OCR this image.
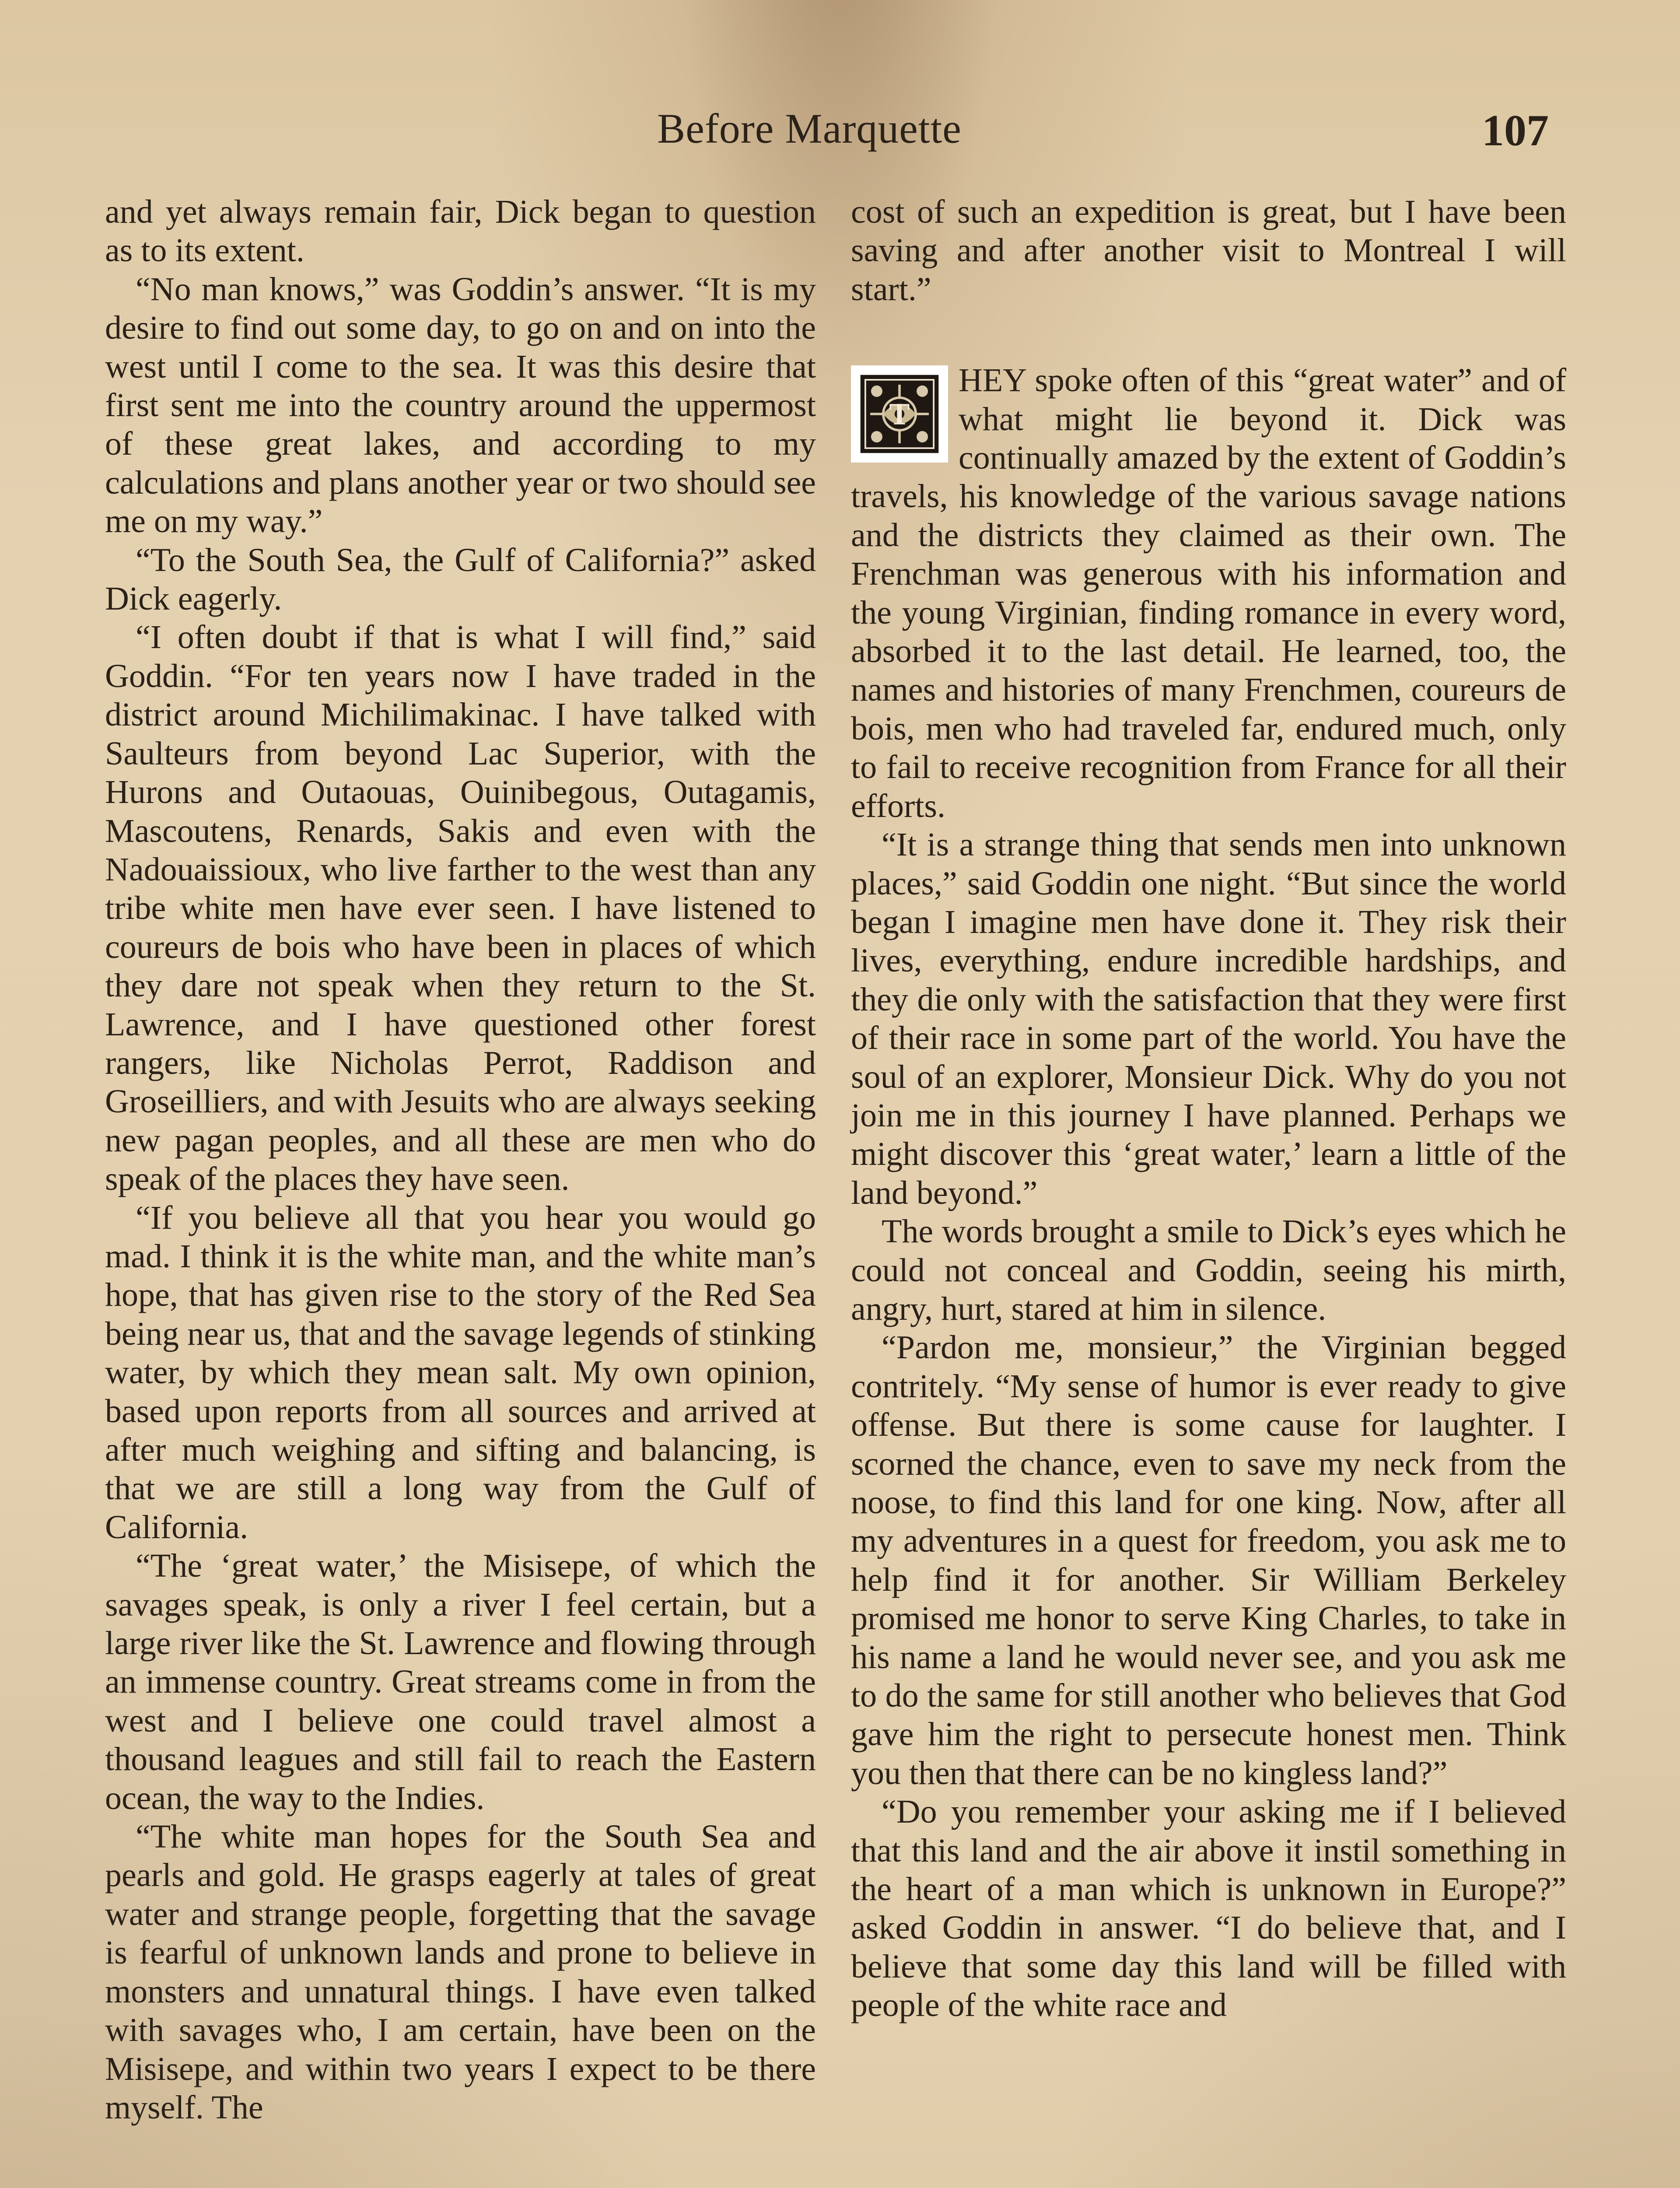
Before Marquette	107

and yet always remain fair, Dick began to question as to its extent.

“No man knows,” was Goddin’s answer. “It is my desire to find out some day, to go on and on into the west until I come to the sea. It was this desire that first sent me into the country around the uppermost of these great lakes, and according to my calculations and plans another year or two should see me on my way.”

“To the South Sea, the Gulf of California?” asked Dick eagerly.

“I often doubt if that is what I will find,” said Goddin. “For ten years now I have traded in the district around Michilimakinac. I have talked with Saulteurs from beyond Lac Superior, with the Hurons and Outaouas, Ouinibegous, Outagamis, Mascoutens, Renards, Sakis and even with the Nadouaissioux, who live farther to the west than any tribe white men have ever seen. I have listened to coureurs de bois who have been in places of which they dare not speak when they return to the St. Lawrence, and I have questioned other forest rangers, like Nicholas Perrot, Raddison and Groseilliers, and with Jesuits who are always seeking new pagan peoples, and all these are men who do speak of the places they have seen.

“If you believe all that you hear you would go mad. I think it is the white man, and the white man’s hope, that has given rise to the story of the Red Sea being near us, that and the savage legends of stinking water, by which they mean salt. My own opinion, based upon reports from all sources and arrived at after much weighing and sifting and balancing, is that we are still a long way from the Gulf of California.

“The ‘great water,’ the Misisepe, of which the savages speak, is only a river I feel certain, but a large river like the St. Lawrence and flowing through an immense country. Great streams come in from the west and I believe one could travel almost a thousand leagues and still fail to reach the Eastern ocean, the way to the Indies.

“The white man hopes for the South Sea and pearls and gold. He grasps eagerly at tales of great water and strange people, forgetting that the savage is fearful of unknown lands and prone to believe in monsters and unnatural things. I have even talked with savages who, I am certain, have been on the Misisepe, and within two years I expect to be there myself. The

cost of such an expedition is great, but I have been saving and after another visit to Montreal I will start.”

T
HEY spoke often of this “great water” and of what might lie beyond it. Dick was continually amazed by the extent of Goddin’s travels, his knowledge of the various savage nations and the districts they claimed as their own. The Frenchman was generous with his information and the young Virginian, finding romance in every word, absorbed it to the last detail. He learned, too, the names and histories of many Frenchmen, coureurs de bois, men who had traveled far, endured much, only to fail to receive recognition from France for all their efforts.

“It is a strange thing that sends men into unknown places,” said Goddin one night. “But since the world began I imagine men have done it. They risk their lives, everything, endure incredible hardships, and they die only with the satisfaction that they were first of their race in some part of the world. You have the soul of an explorer, Monsieur Dick. Why do you not join me in this journey I have planned. Perhaps we might discover this ‘great water,’ learn a little of the land beyond.”

The words brought a smile to Dick’s eyes which he could not conceal and Goddin, seeing his mirth, angry, hurt, stared at him in silence.

“Pardon me, monsieur,” the Virginian begged contritely. “My sense of humor is ever ready to give offense. But there is some cause for laughter. I scorned the chance, even to save my neck from the noose, to find this land for one king. Now, after all my adventures in a quest for freedom, you ask me to help find it for another. Sir William Berkeley promised me honor to serve King Charles, to take in his name a land he would never see, and you ask me to do the same for still another who believes that God gave him the right to persecute honest men. Think you then that there can be no kingless land?”

“Do you remember your asking me if I believed that this land and the air above it instil something in the heart of a man which is unknown in Europe?” asked Goddin in answer. “I do believe that, and I believe that some day this land will be filled with people of the white race and
